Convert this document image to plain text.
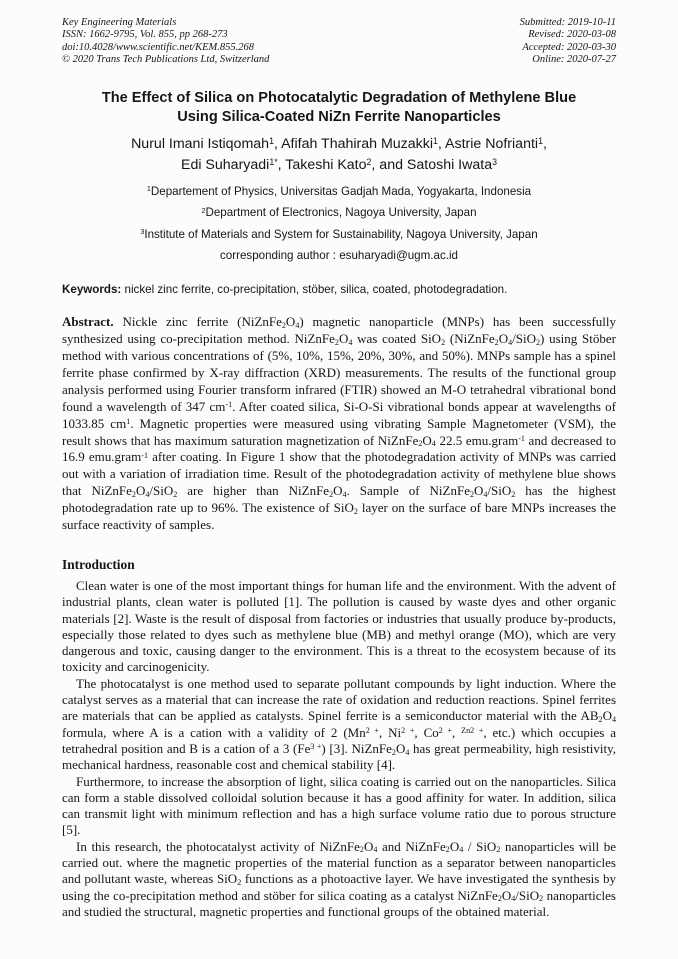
Key Engineering Materials
ISSN: 1662-9795, Vol. 855, pp 268-273
doi:10.4028/www.scientific.net/KEM.855.268
© 2020 Trans Tech Publications Ltd, Switzerland
Submitted: 2019-10-11
Revised: 2020-03-08
Accepted: 2020-03-30
Online: 2020-07-27
The Effect of Silica on Photocatalytic Degradation of Methylene Blue
Using Silica-Coated NiZn Ferrite Nanoparticles
Nurul Imani Istiqomah$^1$, Afifah Thahirah Muzakki$^1$, Astrie Nofrianti$^1$,
Edi Suharyadi$^{1*}$, Takeshi Kato$^2$, and Satoshi Iwata$^3$
$^1$Departement of Physics, Universitas Gadjah Mada, Yogyakarta, Indonesia
$^2$Department of Electronics, Nagoya University, Japan
$^3$Institute of Materials and System for Sustainability, Nagoya University, Japan
corresponding author : esuharyadi@ugm.ac.id

Keywords: nickel zinc ferrite, co-precipitation, stöber, silica, coated, photodegradation.

Abstract. Nickle zinc ferrite $(NiZnFe_2O_4)$ magnetic nanoparticle (MNPs) has been successfully synthesized using co-precipitation method. $NiZnFe_2O_4$ was coated SiO$_2$ $(NiZnFe_2O_4/SiO_2)$ using Stöber method with various concentrations of (5%, 10%, 15%, 20%, 30%, and 50%). MNPs sample has a spinel ferrite phase confirmed by X-ray diffraction (XRD) measurements. The results of the functional group analysis performed using Fourier transform infrared (FTIR) showed an M-O tetrahedral vibrational bond found a wavelength of 347 $cm^{-1}$. After coated silica, Si-O-Si vibrational bonds appear at wavelengths of 1033.85 $cm^1$. Magnetic properties were measured using vibrating Sample Magnetometer (VSM), the result shows that has maximum saturation magnetization of $NiZnFe_2O_4$ 22.5 emu.gram$^{-1}$ and decreased to 16.9 emu.gram$^{-1}$ after coating. In Figure 1 show that the photodegradation activity of MNPs was carried out with a variation of irradiation time. Result of the photodegradation activity of methylene blue shows that $NiZnFe_2O_4/SiO_2$ are higher than $NiZnFe_2O_4$. Sample of $NiZnFe_2O_4/SiO_2$ has the highest photodegradation rate up to 96%. The existence of SiO$_2$ layer on the surface of bare MNPs increases the surface reactivity of samples.

Introduction

Clean water is one of the most important things for human life and the environment. With the advent of industrial plants, clean water is polluted [1]. The pollution is caused by waste dyes and other organic materials [2]. Waste is the result of disposal from factories or industries that usually produce by-products, especially those related to dyes such as methylene blue (MB) and methyl orange (MO), which are very dangerous and toxic, causing danger to the environment. This is a threat to the ecosystem because of its toxicity and carcinogenicity.

The photocatalyst is one method used to separate pollutant compounds by light induction. Where the catalyst serves as a material that can increase the rate of oxidation and reduction reactions. Spinel ferrites are materials that can be applied as catalysts. Spinel ferrite is a semiconductor material with the $AB_2O_4$ formula, where A is a cation with a validity of 2 ($Mn^{2 +}$, $Ni^{2 +}$, $Co^{2 +}$, $^{Zn2 +}$, etc.) which occupies a tetrahedral position and B is a cation of a 3 $(Fe^{3 +})$ [3]. $NiZnFe_2O_4$ has great permeability, high resistivity, mechanical hardness, reasonable cost and chemical stability [4].

Furthermore, to increase the absorption of light, silica coating is carried out on the nanoparticles. Silica can form a stable dissolved colloidal solution because it has a good affinity for water. In addition, silica can transmit light with minimum reflection and has a high surface volume ratio due to porous structure [5].

In this research, the photocatalyst activity of $NiZnFe_2O_4$ and $NiZnFe_2O_4 / SiO_2$ nanoparticles will be carried out. where the magnetic properties of the material function as a separator between nanoparticles and pollutant waste, whereas SiO$_2$ functions as a photoactive layer. We have investigated the synthesis by using the co-precipitation method and stöber for silica coating as a catalyst $NiZnFe_2O_4/SiO_2$ nanoparticles and studied the structural, magnetic properties and functional groups of the obtained material.
